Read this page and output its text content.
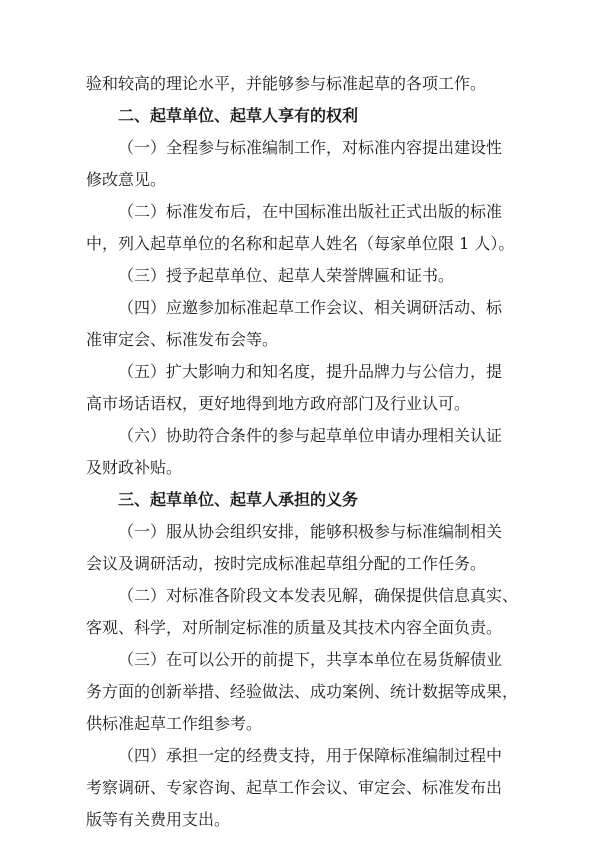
验和较高的理论水平，并能够参与标准起草的各项工作。

二、起草单位、起草人享有的权利

（一）全程参与标准编制工作，对标准内容提出建设性

修改意见。

（二）标准发布后，在中国标准出版社正式出版的标准

中，列入起草单位的名称和起草人姓名（每家单位限 1 人）。

（三）授予起草单位、起草人荣誉牌匾和证书。

（四）应邀参加标准起草工作会议、相关调研活动、标

准审定会、标准发布会等。

（五）扩大影响力和知名度，提升品牌力与公信力，提

高市场话语权，更好地得到地方政府部门及行业认可。

（六）协助符合条件的参与起草单位申请办理相关认证

及财政补贴。

三、起草单位、起草人承担的义务

（一）服从协会组织安排，能够积极参与标准编制相关

会议及调研活动，按时完成标准起草组分配的工作任务。

（二）对标准各阶段文本发表见解，确保提供信息真实、

客观、科学，对所制定标准的质量及其技术内容全面负责。

（三）在可以公开的前提下，共享本单位在易货解债业

务方面的创新举措、经验做法、成功案例、统计数据等成果，

供标准起草工作组参考。

（四）承担一定的经费支持，用于保障标准编制过程中

考察调研、专家咨询、起草工作会议、审定会、标准发布出

版等有关费用支出。
